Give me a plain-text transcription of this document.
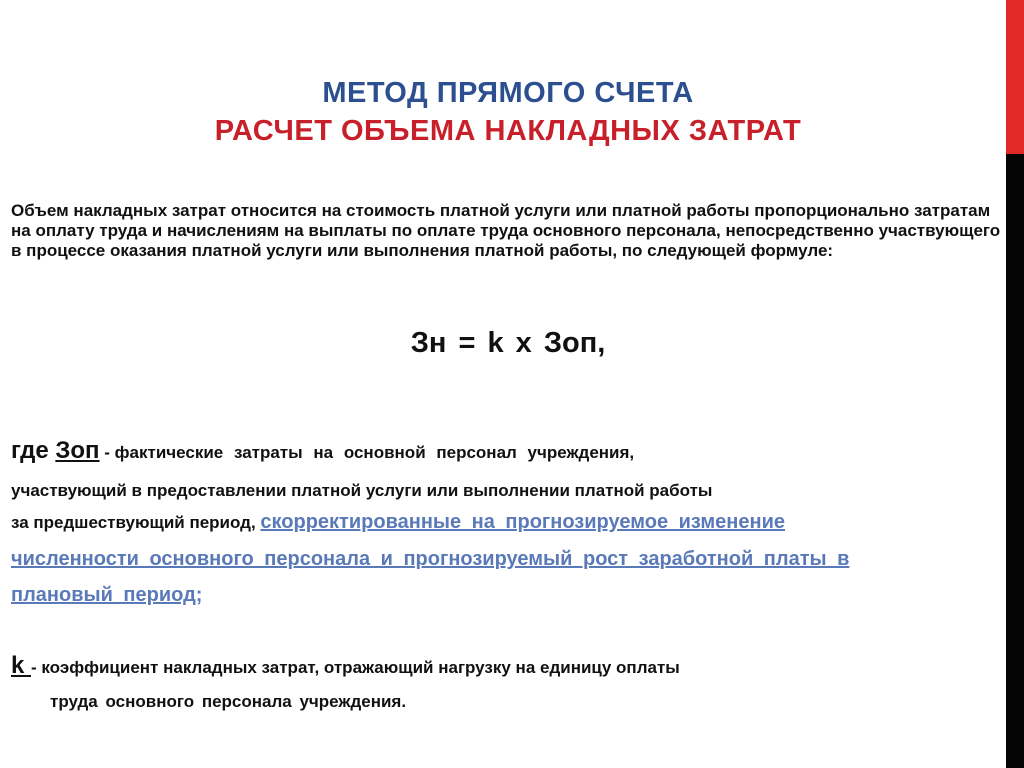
МЕТОД ПРЯМОГО СЧЕТА
РАСЧЕТ ОБЪЕМА НАКЛАДНЫХ ЗАТРАТ
Объем накладных затрат относится на стоимость платной услуги или платной работы пропорционально затратам на оплату труда и начислениям на выплаты по оплате труда основного персонала, непосредственно участвующего в процессе оказания платной услуги или выполнения платной работы, по следующей формуле:
Зн = k х Зоп,
где Зоп - фактические затраты на основной персонал учреждения,
участвующий в предоставлении платной услуги или выполнении платной работы
за предшествующий период, скорректированные на прогнозируемое изменение
численности основного персонала и прогнозируемый рост заработной платы в
плановый период;
k - коэффициент накладных затрат, отражающий нагрузку на единицу оплаты
труда основного персонала учреждения.
